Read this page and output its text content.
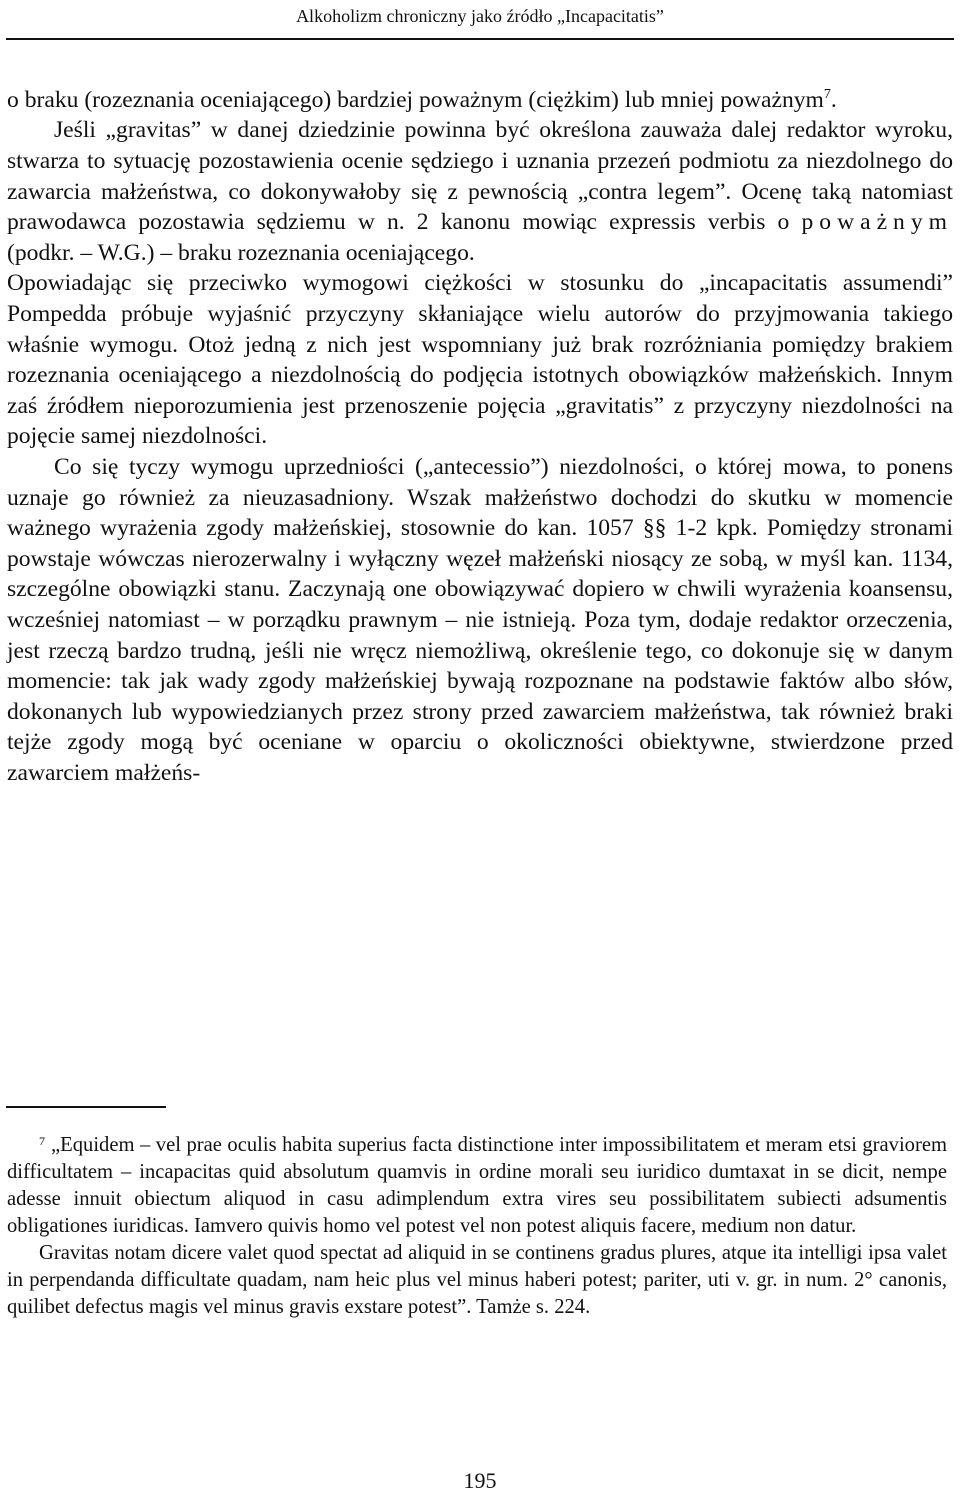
Alkoholizm chroniczny jako źródło „Incapacitatis”

o braku (rozeznania oceniającego) bardziej poważnym (ciężkim) lub mniej poważnym$^7$.

Jeśli „gravitas” w danej dziedzinie powinna być określona zauważa dalej redaktor wyroku, stwarza to sytuację pozostawienia ocenie sędziego i uznania przezeń podmiotu za niezdolnego do zawarcia małżeństwa, co dokonywałoby się z pewnością „contra legem”. Ocenę taką natomiast prawodawca pozostawia sędziemu w n. 2 kanonu mowiąc expressis verbis o poważnym (podkr. – W.G.) – braku rozeznania oceniającego.

Opowiadając się przeciwko wymogowi ciężkości w stosunku do „incapacitatis assumendi” Pompedda próbuje wyjaśnić przyczyny skłaniające wielu autorów do przyjmowania takiego właśnie wymogu. Otoż jedną z nich jest wspomniany już brak rozróżniania pomiędzy brakiem rozeznania oceniającego a niezdolnością do podjęcia istotnych obowiązków małżeńskich. Innym zaś źródłem nieporozumienia jest przenoszenie pojęcia „gravitatis” z przyczyny niezdolności na pojęcie samej niezdolności.

Co się tyczy wymogu uprzedniości („antecessio”) niezdolności, o której mowa, to ponens uznaje go również za nieuzasadniony. Wszak małżeństwo dochodzi do skutku w momencie ważnego wyrażenia zgody małżeńskiej, stosownie do kan. 1057 §§ 1-2 kpk. Pomiędzy stronami powstaje wówczas nierozerwalny i wyłączny węzeł małżeński niosący ze sobą, w myśl kan. 1134, szczególne obowiązki stanu. Zaczynają one obowiązywać dopiero w chwili wyrażenia koansensu, wcześniej natomiast – w porządku prawnym – nie istnieją. Poza tym, dodaje redaktor orzeczenia, jest rzeczą bardzo trudną, jeśli nie wręcz niemożliwą, określenie tego, co dokonuje się w danym momencie: tak jak wady zgody małżeńskiej bywają rozpoznane na podstawie faktów albo słów, dokonanych lub wypowiedzianych przez strony przed zawarciem małżeństwa, tak również braki tejże zgody mogą być oceniane w oparciu o okoliczności obiektywne, stwierdzone przed zawarciem małżeńs-

$^7$ „Equidem – vel prae oculis habita superius facta distinctione inter impossibilitatem et meram etsi graviorem difficultatem – incapacitas quid absolutum quamvis in ordine morali seu iuridico dumtaxat in se dicit, nempe adesse innuit obiectum aliquod in casu adimplendum extra vires seu possibilitatem subiecti adsumentis obligationes iuridicas. Iamvero quivis homo vel potest vel non potest aliquis facere, medium non datur.

Gravitas notam dicere valet quod spectat ad aliquid in se continens gradus plures, atque ita intelligi ipsa valet in perpendanda difficultate quadam, nam heic plus vel minus haberi potest; pariter, uti v. gr. in num. 2° canonis, quilibet defectus magis vel minus gravis exstare potest”. Tamże s. 224.

195
